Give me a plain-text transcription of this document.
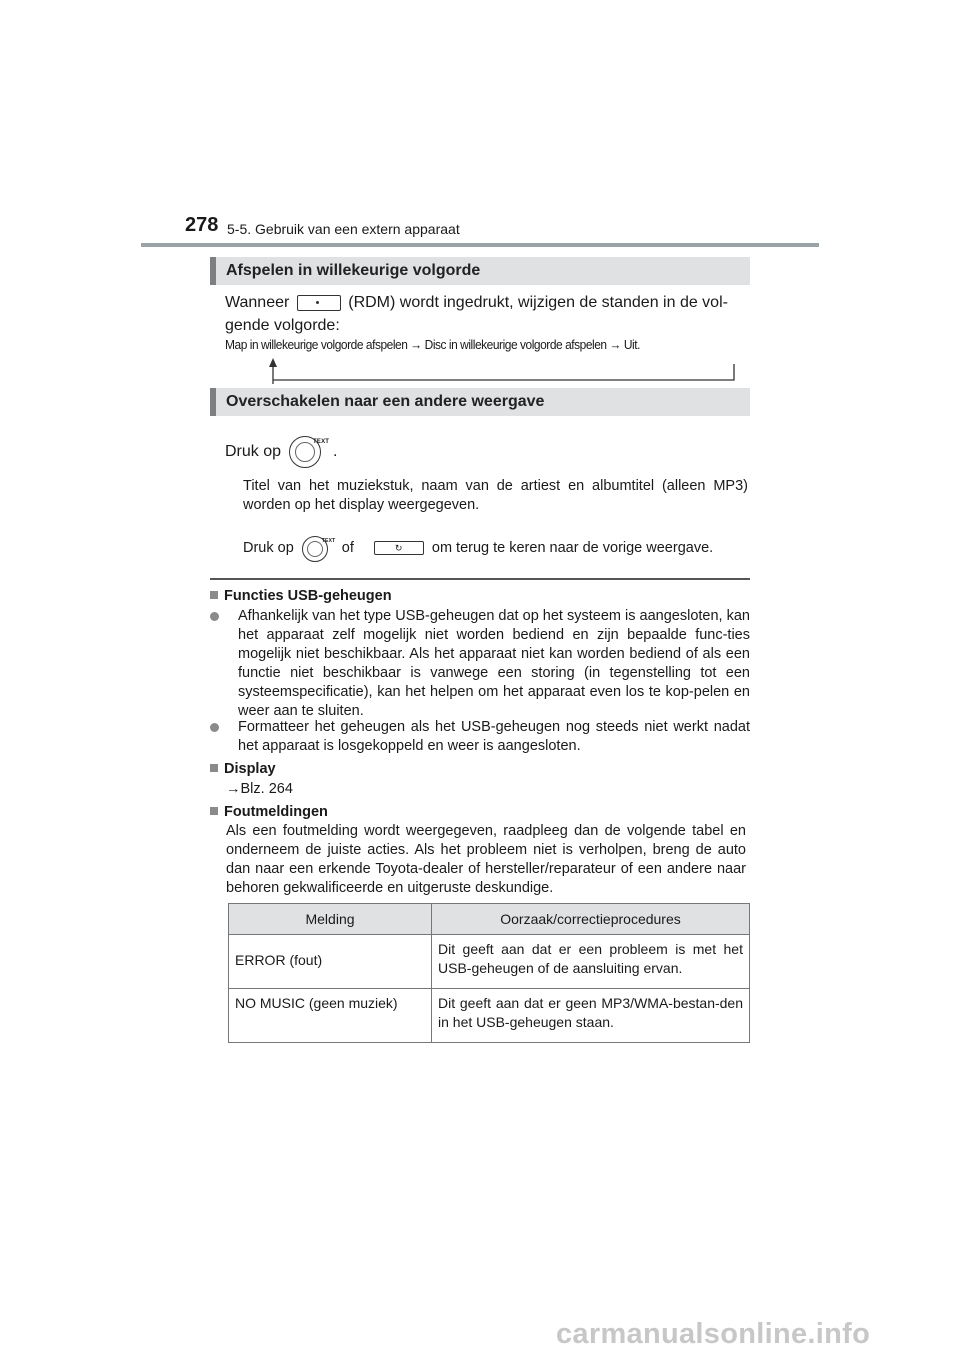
278 5-5. Gebruik van een extern apparaat
Afspelen in willekeurige volgorde
Wanneer	(RDM) wordt ingedrukt, wijzigen de standen in de vol-
gende volgorde:
Map in willekeurige volgorde afspelen → Disc in willekeurige volgorde afspelen → Uit.
Overschakelen naar een andere weergave
Druk op
TEXT
.
Titel van het muziekstuk, naam van de artiest en albumtitel (alleen MP3) worden op het display weergegeven.
Druk op	TEXT of	↻ om terug te keren naar de vorige weergave.
Functies USB-geheugen
Afhankelijk van het type USB-geheugen dat op het systeem is aangesloten, kan het apparaat zelf mogelijk niet worden bediend en zijn bepaalde func-ties mogelijk niet beschikbaar. Als het apparaat niet kan worden bediend of als een functie niet beschikbaar is vanwege een storing (in tegenstelling tot een systeemspecificatie), kan het helpen om het apparaat even los te kop-pelen en weer aan te sluiten.
Formatteer het geheugen als het USB-geheugen nog steeds niet werkt nadat het apparaat is losgekoppeld en weer is aangesloten.
Display
→Blz. 264
Foutmeldingen
Als een foutmelding wordt weergegeven, raadpleeg dan de volgende tabel en onderneem de juiste acties. Als het probleem niet is verholpen, breng de auto dan naar een erkende Toyota-dealer of hersteller/reparateur of een andere naar behoren gekwalificeerde en uitgeruste deskundige.
Melding	Oorzaak/correctieprocedures
ERROR (fout)	Dit geeft aan dat er een probleem is met het USB-geheugen of de aansluiting ervan.
NO MUSIC (geen muziek)	Dit geeft aan dat er geen MP3/WMA-bestan-den in het USB-geheugen staan.
carmanualsonline.info
